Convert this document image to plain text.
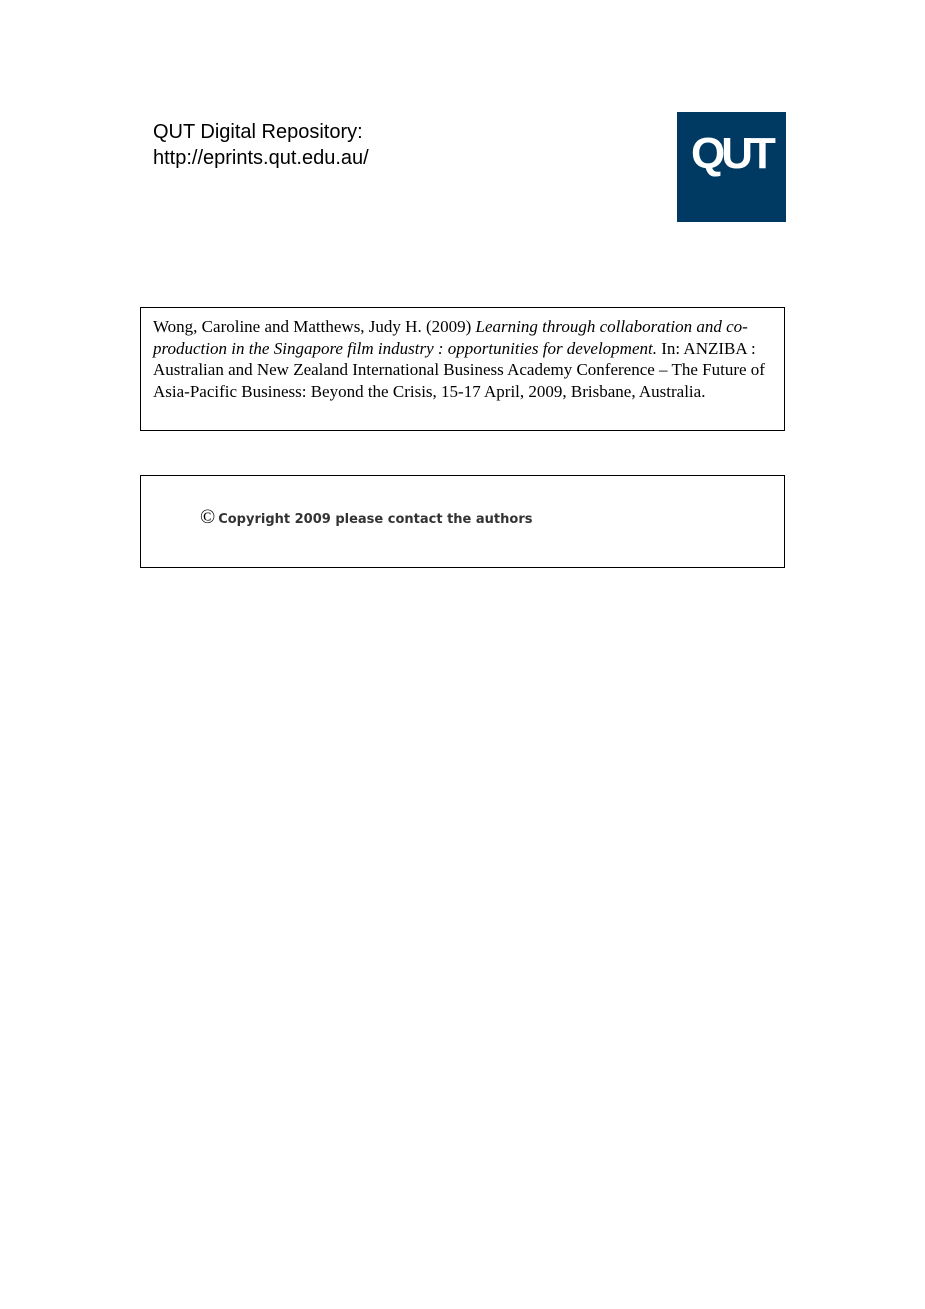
QUT Digital Repository:
http://eprints.qut.edu.au/	QUT
Wong, Caroline and Matthews, Judy H. (2009) Learning through collaboration and co-production in the Singapore film industry : opportunities for development. In: ANZIBA : Australian and New Zealand International Business Academy Conference – The Future of Asia-Pacific Business: Beyond the Crisis, 15-17 April, 2009, Brisbane, Australia.
© Copyright 2009 please contact the authors
